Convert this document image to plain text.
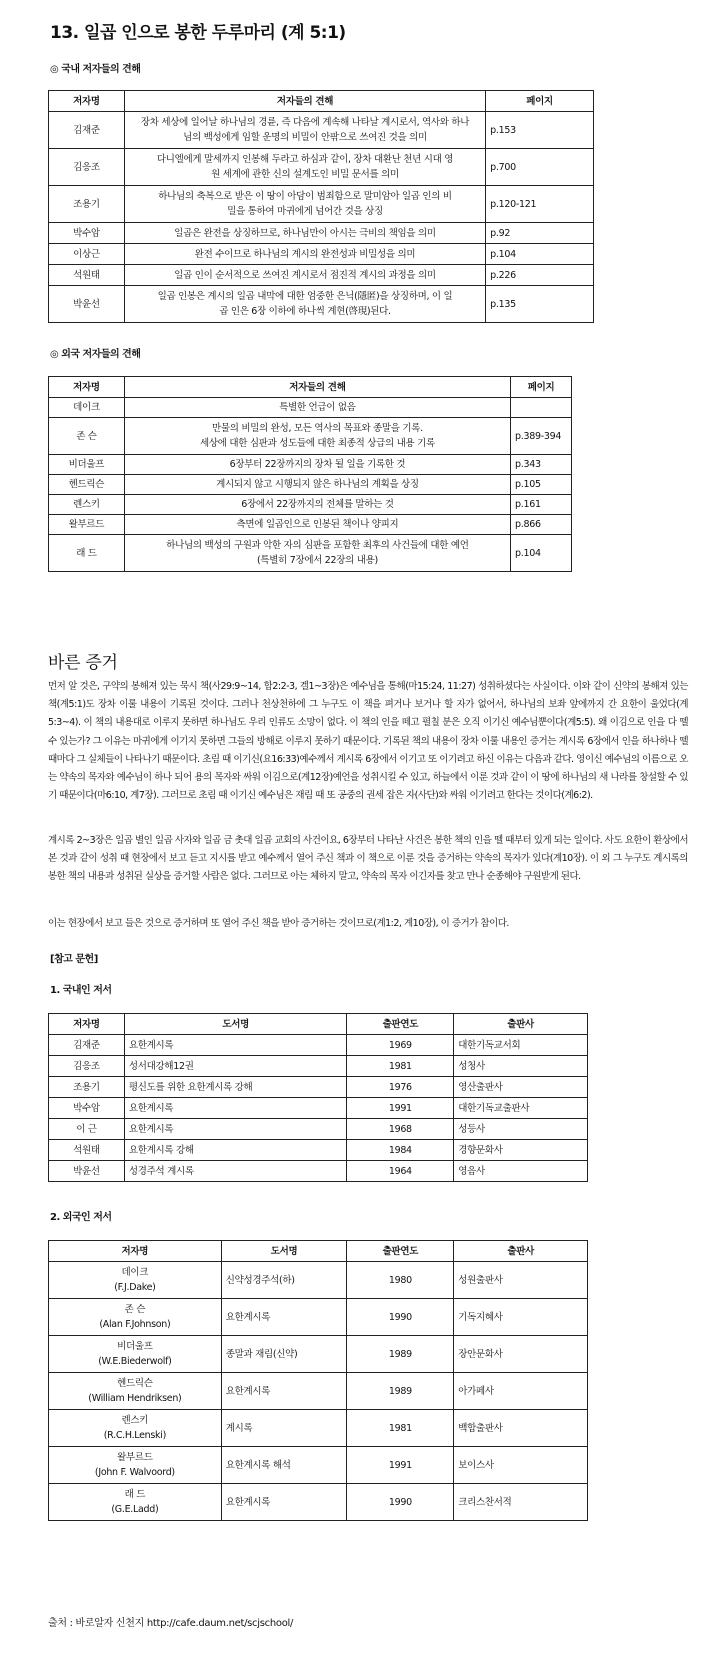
13. 일곱 인으로 봉한 두루마리 (계 5:1)
◎ 국내 저자들의 견해
저자명	저자들의 견해	페이지
김재준	장차 세상에 일어날 하나님의 경륜, 즉 다음에 계속해 나타날 계시로서, 역사와 하나
님의 백성에게 임할 운명의 비밀이 안팎으로 쓰여진 것을 의미	p.153
김응조	다니엘에게 말세까지 인봉해 두라고 하심과 같이, 장차 대환난 천년 시대 영
원 세계에 관한 신의 설계도인 비밀 문서를 의미	p.700
조용기	하나님의 축복으로 받은 이 땅이 아담이 범죄함으로 말미암아 일곱 인의 비
밀을 통하여 마귀에게 넘어간 것을 상징	p.120-121
박수암	일곱은 완전을 상징하므로, 하나님만이 아시는 극비의 책임을 의미	p.92
이상근	완전 수이므로 하나님의 계시의 완전성과 비밀성을 의미	p.104
석원태	일곱 인이 순서적으로 쓰여진 계시로서 점진적 계시의 과정을 의미	p.226
박윤선	일곱 인봉은 계시의 일곱 내막에 대한 엄중한 은닉(隱匿)을 상징하며, 이 일
곱 인은 6장 이하에 하나씩 계현(啓現)된다.	p.135
◎ 외국 저자들의 견해
저자명	저자들의 견해	페이지
데이크	특별한 언급이 없음	
존 슨	만물의 비밀의 완성, 모든 역사의 목표와 종말을 기록.
세상에 대한 심판과 성도들에 대한 최종적 상급의 내용 기록	p.389-394
비더울프	6장부터 22장까지의 장차 될 일을 기록한 것	p.343
헨드릭슨	계시되지 않고 시행되지 않은 하나님의 계획을 상징	p.105
렌스키	6장에서 22장까지의 전체를 말하는 것	p.161
왈부르드	측면에 일곱인으로 인봉된 책이나 양피지	p.866
래 드	하나님의 백성의 구원과 악한 자의 심판을 포함한 최후의 사건들에 대한 예언
(특별히 7장에서 22장의 내용)	p.104
바른 증거

먼저 알 것은, 구약의 봉해져 있는 묵시 책(사29:9~14, 합2:2-3, 겔1~3장)은 예수님을 통해(마15:24, 11:27) 성취하셨다는 사실이다. 이와 같이 신약의 봉해져 있는 책(계5:1)도 장차 이룰 내용이 기록된 것이다. 그러나 천상천하에 그 누구도 이 책을 펴거나 보거나 할 자가 없어서, 하나님의 보좌 앞에까지 간 요한이 울었다(계5:3~4). 이 책의 내용대로 이루지 못하면 하나님도 우리 인류도 소망이 없다. 이 책의 인을 떼고 펼칠 분은 오직 이기신 예수님뿐이다(계5:5). 왜 이김으로 인을 다 뗄 수 있는가? 그 이유는 마귀에게 이기지 못하면 그들의 방해로 이루지 못하기 때문이다. 기록된 책의 내용이 장차 이룰 내용인 증거는 계시록 6장에서 인을 하나하나 뗄 때마다 그 실체들이 나타나기 때문이다. 초림 때 이기신(요16:33)예수께서 계시록 6장에서 이기고 또 이기려고 하신 이유는 다음과 같다. 영이신 예수님의 이름으로 오는 약속의 목자와 예수님이 하나 되어 용의 목자와 싸워 이김으로(계12장)예언을 성취시킬 수 있고, 하늘에서 이룬 것과 같이 이 땅에 하나님의 새 나라를 창설할 수 있기 때문이다(마6:10, 계7장). 그러므로 초림 때 이기신 예수님은 재림 때 또 공중의 권세 잡은 자(사단)와 싸워 이기려고 한다는 것이다(계6:2).

계시록 2~3장은 일곱 별인 일곱 사자와 일곱 금 촛대 일곱 교회의 사건이요, 6장부터 나타난 사건은 봉한 책의 인을 뗄 때부터 있게 되는 일이다. 사도 요한이 환상에서 본 것과 같이 성취 때 현장에서 보고 듣고 지시를 받고 예수께서 열어 주신 책과 이 책으로 이룬 것을 증거하는 약속의 목자가 있다(계10장). 이 외 그 누구도 계시록의 봉한 책의 내용과 성취된 실상을 증거할 사람은 없다. 그러므로 아는 체하지 말고, 약속의 목자 이긴자를 찾고 만나 순종해야 구원받게 된다.

이는 현장에서 보고 들은 것으로 증거하며 또 열어 주신 책을 받아 증거하는 것이므로(계1:2, 계10장), 이 증거가 참이다.

[참고 문헌]
1. 국내인 저서
저자명	도서명	출판연도	출판사
김재준	요한계시록	1969	대한기독교서회
김응조	성서대강해12권	1981	성청사
조용기	평신도를 위한 요한계시록 강해	1976	영산출판사
박수암	요한계시록	1991	대한기독교출판사
이 근	요한계시록	1968	성등사
석원태	요한계시록 강해	1984	경향문화사
박윤선	성경주석 계시록	1964	영음사
2. 외국인 저서
저자명	도서명	출판연도	출판사
데이크
(F.J.Dake)	신약성경주석(하)	1980	성원출판사
존 슨
(Alan F.Johnson)	요한계시록	1990	기독지혜사
비더울프
(W.E.Biederwolf)	종말과 재림(신약)	1989	장안문화사
헨드릭슨
(William Hendriksen)	요한계시록	1989	아가페사
렌스키
(R.C.H.Lenski)	계시록	1981	백합출판사
왈부르드
(John F. Walvoord)	요한계시록 해석	1991	보이스사
래 드
(G.E.Ladd)	요한계시록	1990	크리스찬서적
출처 : 바로알자 신천지 http://cafe.daum.net/scjschool/
